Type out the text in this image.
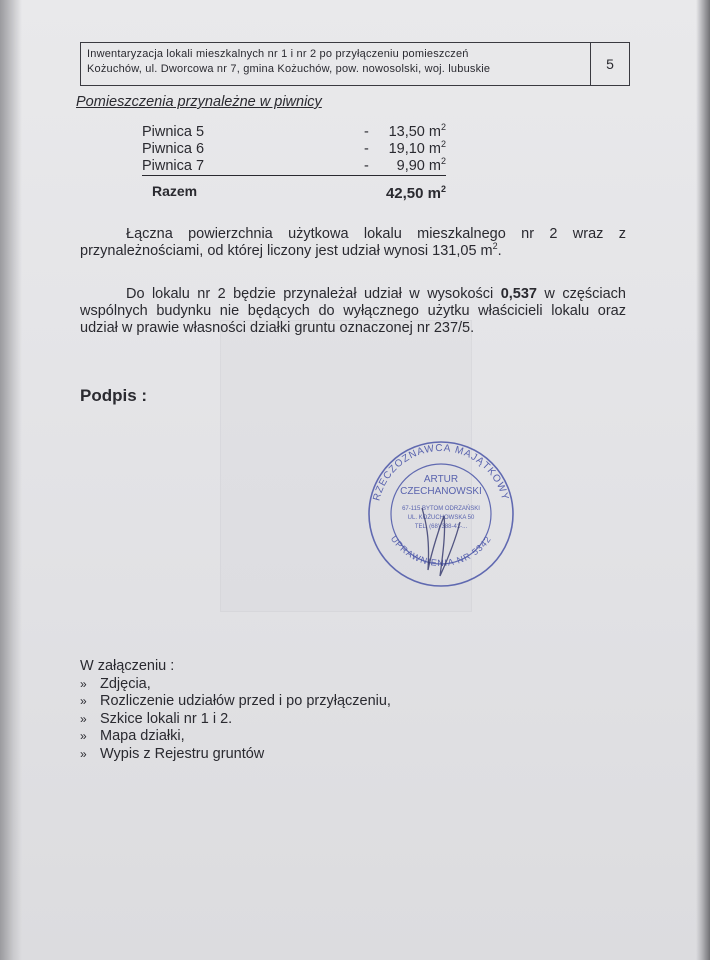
Inwentaryzacja lokali mieszkalnych nr 1 i nr 2 po przyłączeniu pomieszczeń
Kożuchów, ul. Dworcowa nr 7, gmina Kożuchów, pow. nowosolski, woj. lubuskie	5
Pomieszczenia przynależne w piwnicy
Piwnica 5	- 13,50 $m^2$
Piwnica 6	- 19,10 $m^2$
Piwnica 7	- 9,90 $m^2$
Razem	42,50 $m^2$
Łączna powierzchnia użytkowa lokalu mieszkalnego nr 2 wraz z przynależnościami, od której liczony jest udział wynosi 131,05 $m^2$.
Do lokalu nr 2 będzie przynależał udział w wysokości 0,537 w częściach wspólnych budynku nie będących do wyłącznego użytku właścicieli lokalu oraz udział w prawie własności działki gruntu oznaczonej nr 237/5.
Podpis :
RZECZOZNAWCA MAJĄTKOWY
UPRAWNIENIA NR 5342
ARTUR
CZECHANOWSKI
67-115 BYTOM ODRZAŃSKI
UL. KOŻUCHOWSKA 50
TEL. (68) 388-41-...
W załączeniu :
» Zdjęcia,
» Rozliczenie udziałów przed i po przyłączeniu,
» Szkice lokali nr 1 i 2.
» Mapa działki,
» Wypis z Rejestru gruntów
